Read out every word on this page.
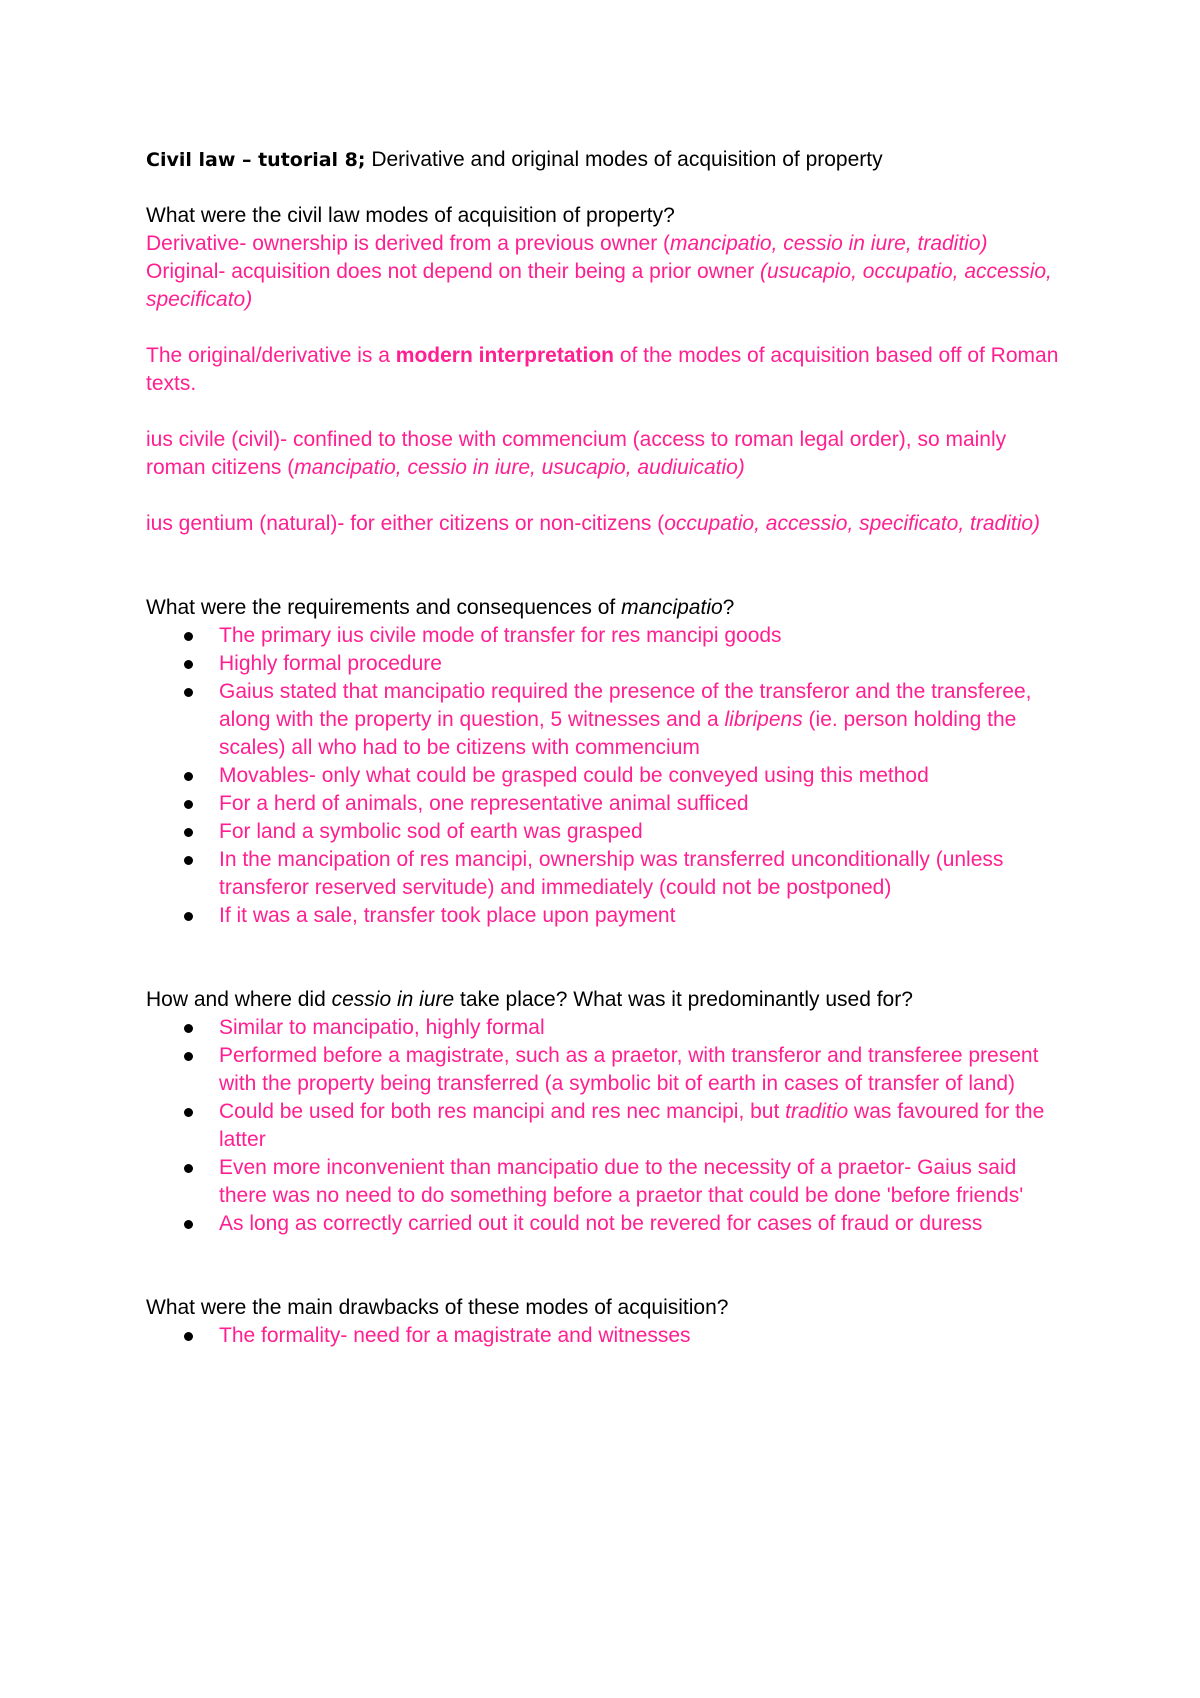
Civil law – tutorial 8; Derivative and original modes of acquisition of property

What were the civil law modes of acquisition of property?

Derivative- ownership is derived from a previous owner (mancipatio, cessio in iure, traditio)

Original- acquisition does not depend on their being a prior owner (usucapio, occupatio, accessio, specificato)

The original/derivative is a modern interpretation of the modes of acquisition based off of Roman texts.

ius civile (civil)- confined to those with commencium (access to roman legal order), so mainly roman citizens (mancipatio, cessio in iure, usucapio, audiuicatio)

ius gentium (natural)- for either citizens or non-citizens (occupatio, accessio, specificato, traditio)

What were the requirements and consequences of mancipatio?

The primary ius civile mode of transfer for res mancipi goods
Highly formal procedure
Gaius stated that mancipatio required the presence of the transferor and the transferee, along with the property in question, 5 witnesses and a libripens (ie. person holding the scales) all who had to be citizens with commencium
Movables- only what could be grasped could be conveyed using this method
For a herd of animals, one representative animal sufficed
For land a symbolic sod of earth was grasped
In the mancipation of res mancipi, ownership was transferred unconditionally (unless transferor reserved servitude) and immediately (could not be postponed)
If it was a sale, transfer took place upon payment

How and where did cessio in iure take place? What was it predominantly used for?

Similar to mancipatio, highly formal
Performed before a magistrate, such as a praetor, with transferor and transferee present with the property being transferred (a symbolic bit of earth in cases of transfer of land)
Could be used for both res mancipi and res nec mancipi, but traditio was favoured for the latter
Even more inconvenient than mancipatio due to the necessity of a praetor- Gaius said there was no need to do something before a praetor that could be done 'before friends'
As long as correctly carried out it could not be revered for cases of fraud or duress

What were the main drawbacks of these modes of acquisition?

The formality- need for a magistrate and witnesses
